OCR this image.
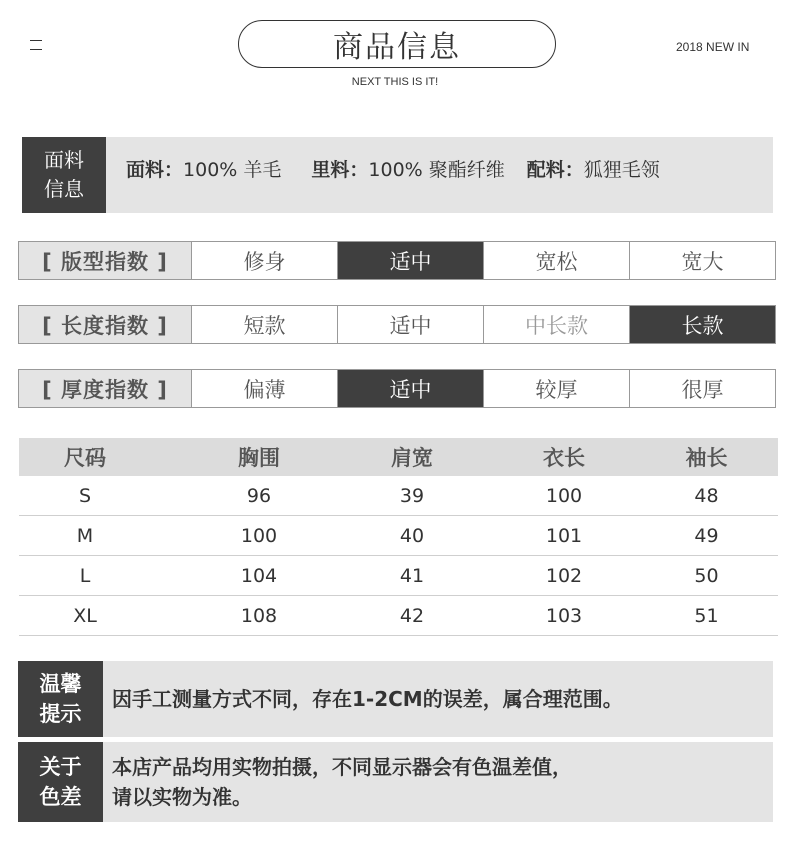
商品信息
NEXT THIS IS IT!
2018 NEW IN
面料信息
面料：100% 羊毛 里料：100% 聚酯纤维 配料：狐狸毛领
[ 版型指数 ]	修身	适中	宽松	宽大
[ 长度指数 ]	短款	适中	中长款	长款
[ 厚度指数 ]	偏薄	适中	较厚	很厚
尺码	胸围	肩宽	衣长	袖长
S	96	39	100	48
M	100	40	101	49
L	104	41	102	50
XL	108	42	103	51
温馨提示
因手工测量方式不同，存在1-2CM的误差，属合理范围。
关于色差
本店产品均用实物拍摄，不同显示器会有色温差值，
请以实物为准。
